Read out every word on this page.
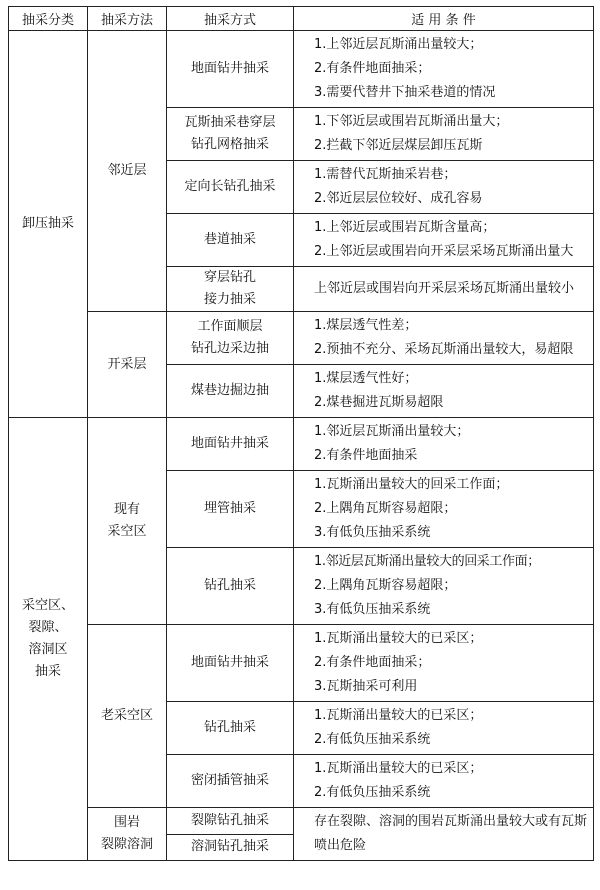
抽采分类	抽采方法	抽采方式	适 用 条 件
卸压抽采	邻近层	地面钻井抽采	1.上邻近层瓦斯涌出量较大；
2.有条件地面抽采；
3.需要代替井下抽采巷道的情况

		瓦斯抽采巷穿层
钻孔网格抽采	1.下邻近层或围岩瓦斯涌出量大；
2.拦截下邻近层煤层卸压瓦斯

		定向长钻孔抽采	1.需替代瓦斯抽采岩巷；
2.邻近层层位较好、成孔容易

		巷道抽采	1.上邻近层或围岩瓦斯含量高；
2.上邻近层或围岩向开采层采场瓦斯涌出量大

		穿层钻孔
接力抽采	上邻近层或围岩向开采层采场瓦斯涌出量较小

	开采层	工作面顺层
钻孔边采边抽	1.煤层透气性差；
2.预抽不充分、采场瓦斯涌出量较大，易超限

		煤巷边掘边抽	1.煤层透气性好；
2.煤巷掘进瓦斯易超限

采空区、
裂隙、
溶洞区
抽采	现有
采空区	地面钻井抽采	1.邻近层瓦斯涌出量较大；
2.有条件地面抽采

		埋管抽采	1.瓦斯涌出量较大的回采工作面；
2.上隅角瓦斯容易超限；
3.有低负压抽采系统

		钻孔抽采	1.邻近层瓦斯涌出量较大的回采工作面；
2.上隅角瓦斯容易超限；
3.有低负压抽采系统

	老采空区	地面钻井抽采	1.瓦斯涌出量较大的已采区；
2.有条件地面抽采；
3.瓦斯抽采可利用

		钻孔抽采	1.瓦斯涌出量较大的已采区；
2.有低负压抽采系统

		密闭插管抽采	1.瓦斯涌出量较大的已采区；
2.有低负压抽采系统

	围岩
裂隙溶洞	裂隙钻孔抽采	存在裂隙、溶洞的围岩瓦斯涌出量较大或有瓦斯喷出危险

		溶洞钻孔抽采	
